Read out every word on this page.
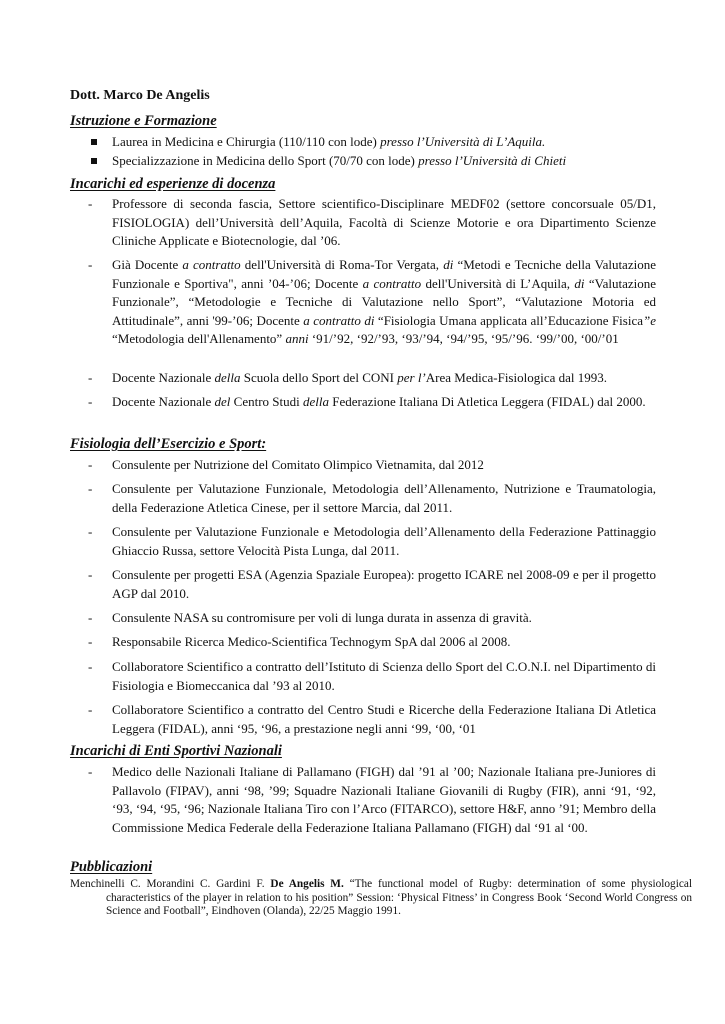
Dott. Marco De Angelis
Istruzione e Formazione
Laurea in Medicina e Chirurgia (110/110 con lode) presso l’Università di L’Aquila.
Specializzazione in Medicina dello Sport (70/70 con lode) presso l’Università di Chieti
Incarichi ed esperienze di docenza
-	Professore di seconda fascia, Settore scientifico-Disciplinare MEDF02 (settore concorsuale 05/D1, FISIOLOGIA) dell’Università dell’Aquila, Facoltà di Scienze Motorie e ora Dipartimento Scienze Cliniche Applicate e Biotecnologie, dal ’06.
-	Già Docente a contratto dell'Università di Roma-Tor Vergata, di “Metodi e Tecniche della Valutazione Funzionale e Sportiva", anni ’04-’06; Docente a contratto dell'Università di L’Aquila, di “Valutazione Funzionale”, “Metodologie e Tecniche di Valutazione nello Sport”, “Valutazione Motoria ed Attitudinale”, anni '99-’06; Docente a contratto di “Fisiologia Umana applicata all’Educazione Fisica”e “Metodologia dell'Allenamento” anni ‘91/’92, ‘92/’93, ‘93/’94, ‘94/’95, ‘95/’96. ‘99/’00, ‘00/’01
-	Docente Nazionale della Scuola dello Sport del CONI per l’Area Medica-Fisiologica dal 1993.
-	Docente Nazionale del Centro Studi della Federazione Italiana Di Atletica Leggera (FIDAL) dal 2000.
Fisiologia dell’Esercizio e Sport:
-	Consulente per Nutrizione del Comitato Olimpico Vietnamita, dal 2012
-	Consulente per Valutazione Funzionale, Metodologia dell’Allenamento, Nutrizione e Traumatologia, della Federazione Atletica Cinese, per il settore Marcia, dal 2011.
-	Consulente per Valutazione Funzionale e Metodologia dell’Allenamento della Federazione Pattinaggio Ghiaccio Russa, settore Velocità Pista Lunga, dal 2011.
-	Consulente per progetti ESA (Agenzia Spaziale Europea): progetto ICARE nel 2008-09 e per il progetto AGP dal 2010.
-	Consulente NASA su contromisure per voli di lunga durata in assenza di gravità.
-	Responsabile Ricerca Medico-Scientifica Technogym SpA dal 2006 al 2008.
-	Collaboratore Scientifico a contratto dell’Istituto di Scienza dello Sport del C.O.N.I. nel Dipartimento di Fisiologia e Biomeccanica dal ’93 al 2010.
-	Collaboratore Scientifico a contratto del Centro Studi e Ricerche della Federazione Italiana Di Atletica Leggera (FIDAL), anni ‘95, ‘96, a prestazione negli anni ‘99, ‘00, ‘01
Incarichi di Enti Sportivi Nazionali
-	Medico delle Nazionali Italiane di Pallamano (FIGH) dal ’91 al ’00; Nazionale Italiana pre-Juniores di Pallavolo (FIPAV), anni ‘98, ’99; Squadre Nazionali Italiane Giovanili di Rugby (FIR), anni ‘91, ‘92, ‘93, ‘94, ‘95, ‘96; Nazionale Italiana Tiro con l’Arco (FITARCO), settore H&F, anno ’91; Membro della Commissione Medica Federale della Federazione Italiana Pallamano (FIGH) dal ‘91 al ‘00.
Pubblicazioni
Menchinelli C. Morandini C. Gardini F. De Angelis M. “The functional model of Rugby: determination of some physiological characteristics of the player in relation to his position” Session: ‘Physical Fitness’ in Congress Book ‘Second World Congress on Science and Football”, Eindhoven (Olanda), 22/25 Maggio 1991.
